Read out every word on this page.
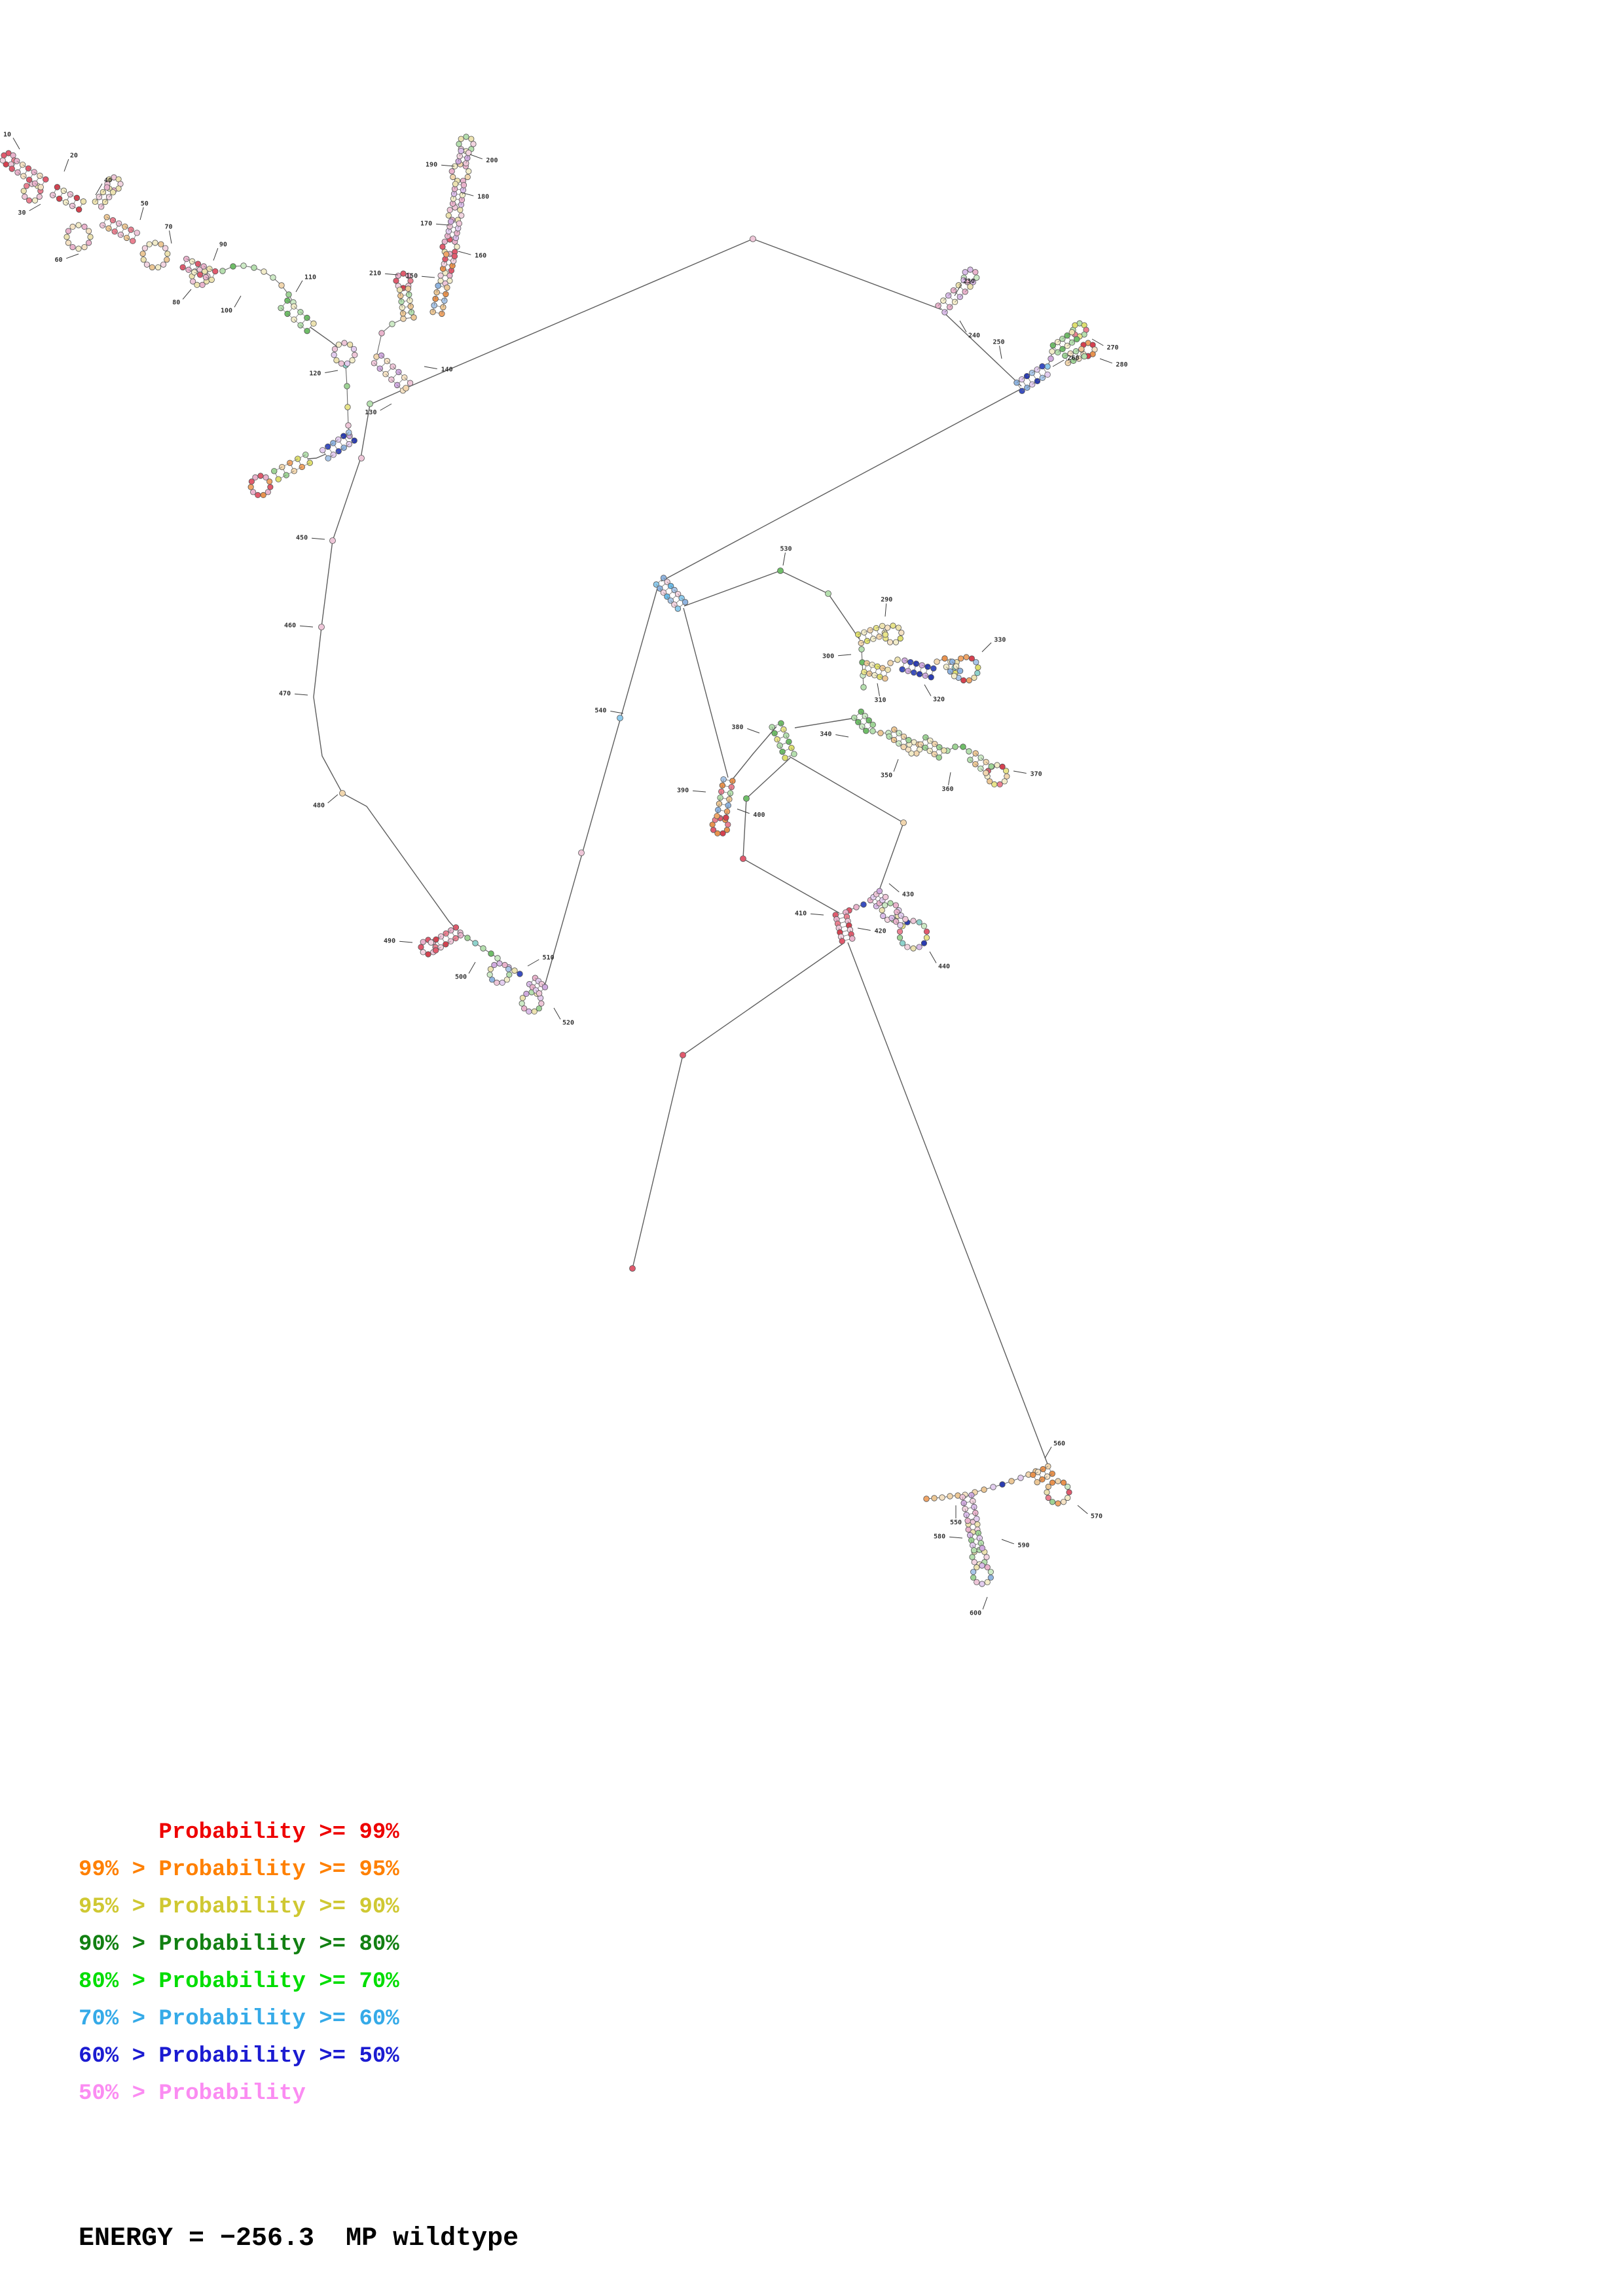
10
20
30
40
50
60
70
80
90
100
110
120
130
140
150
160
170
180
190
200
210
230
240
250
260
270
280
290
300
310	320
330
340
350
360
370
380
390
400
410
420
430
440
450
460
470
480
490
500
510
520
530
540
550
560
570
580
590
600
Probability >= 99%
99% > Probability >= 95%
95% > Probability >= 90%
90% > Probability >= 80%
80% > Probability >= 70%
70% > Probability >= 60%
60% > Probability >= 50%
50% > Probability
ENERGY = −256.3  MP wildtype
